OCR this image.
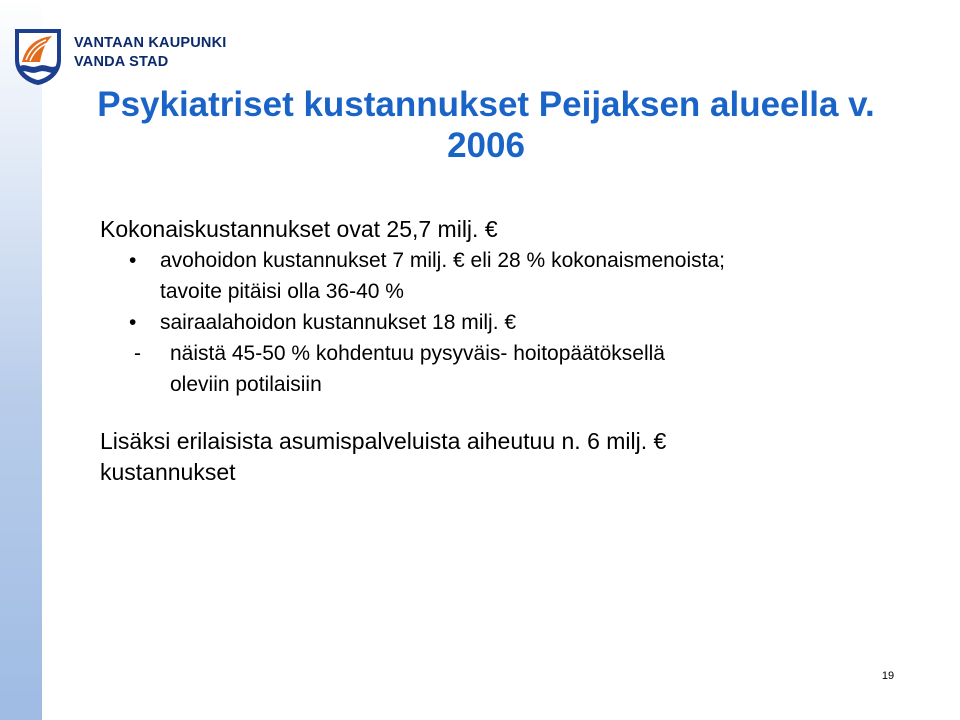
VANTAAN KAUPUNKI
VANDA STAD
Psykiatriset kustannukset Peijaksen alueella v.
2006
Kokonaiskustannukset ovat 25,7 milj. €
•	avohoidon kustannukset 7 milj. € eli 28 % kokonaismenoista;
tavoite pitäisi olla 36-40 %
•	sairaalahoidon kustannukset 18 milj. €
-	näistä 45-50 % kohdentuu pysyväis- hoitopäätöksellä
oleviin potilaisiin
Lisäksi erilaisista asumispalveluista aiheutuu n. 6 milj. €
kustannukset
19
